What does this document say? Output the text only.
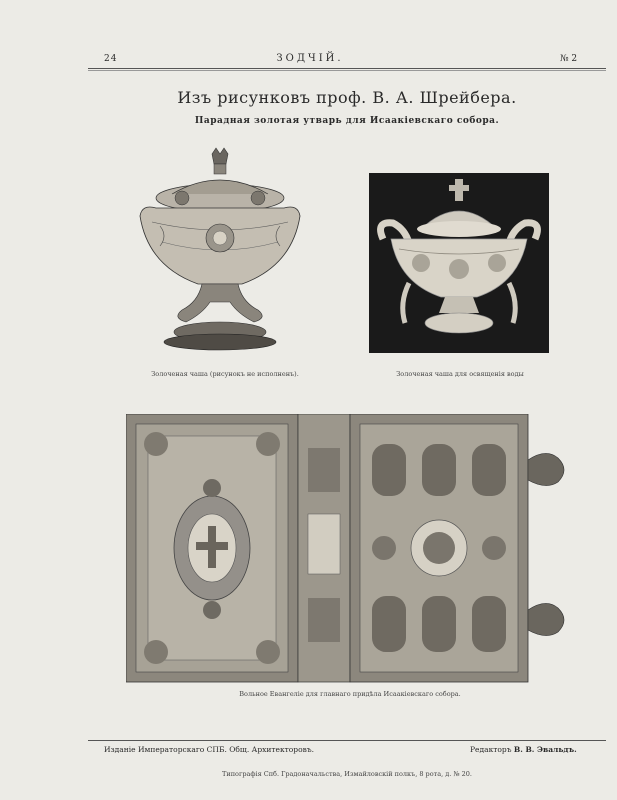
24	ЗОДЧІЙ.	№ 2
Изъ рисунковъ проф. В. А. Шрейбера.
Парадная золотая утварь для Исаакіевскаго собора.
Золоченая чаша (рисунокъ не исполненъ).	Золоченая чаша для освященія воды
Вольное Евангеліе для главнаго придѣла Исаакіевскаго собора.
Изданіе Императорскаго СПБ. Общ. Архитекторовъ.	Редакторъ В. В. Эвальдъ.
Типографія Спб. Градоначальства, Измайловскій полкъ, 8 рота, д. № 20.
